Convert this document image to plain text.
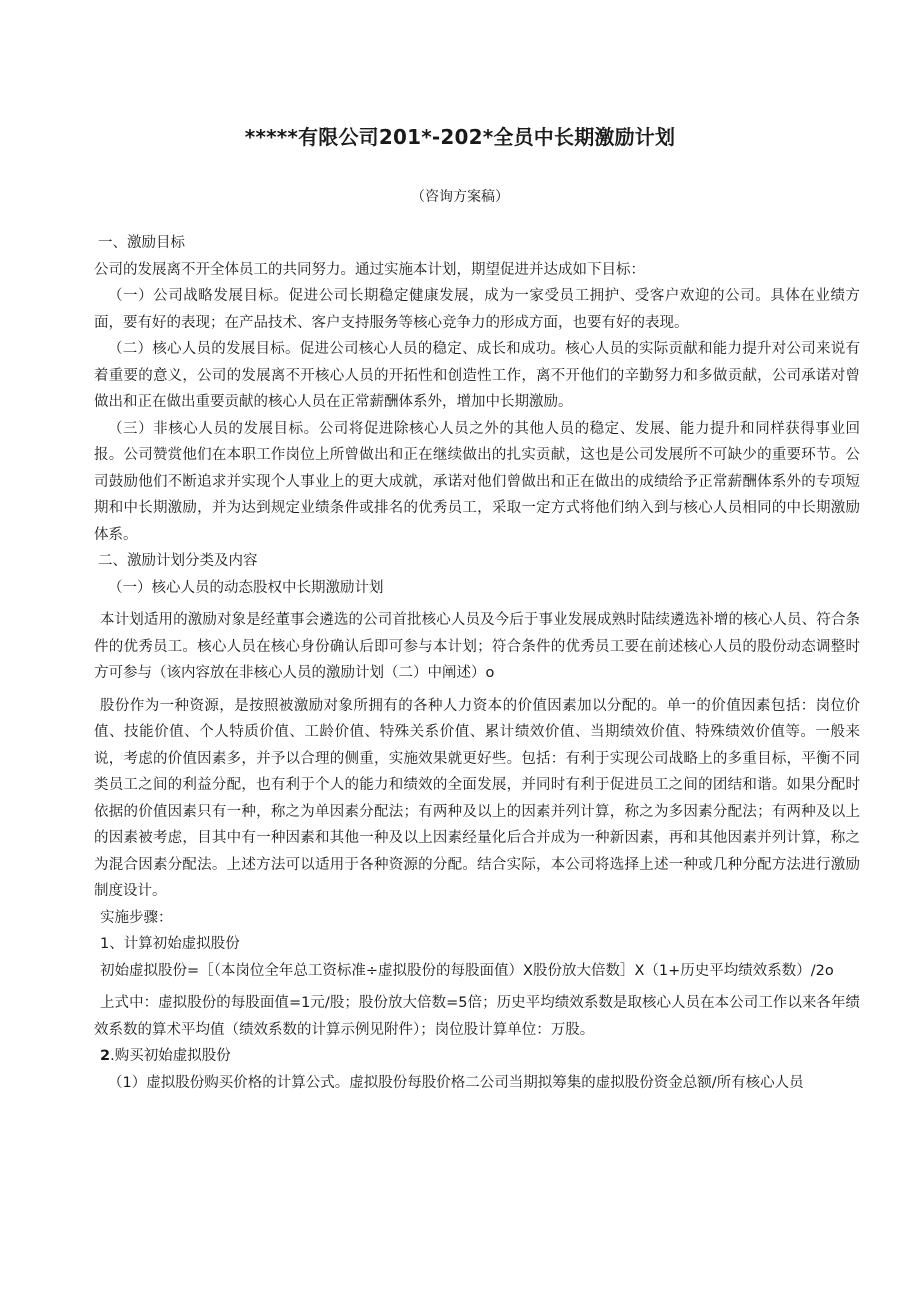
*****有限公司201*-202*全员中长期激励计划
（咨询方案稿）

一、激励目标

公司的发展离不开全体员工的共同努力。通过实施本计划，期望促进并达成如下目标：

（一）公司战略发展目标。促进公司长期稳定健康发展，成为一家受员工拥护、受客户欢迎的公司。具体在业绩方面，要有好的表现；在产品技术、客户支持服务等核心竞争力的形成方面，也要有好的表现。

（二）核心人员的发展目标。促进公司核心人员的稳定、成长和成功。核心人员的实际贡献和能力提升对公司来说有着重要的意义，公司的发展离不开核心人员的开拓性和创造性工作，离不开他们的辛勤努力和多做贡献，公司承诺对曾做出和正在做出重要贡献的核心人员在正常薪酬体系外，增加中长期激励。

（三）非核心人员的发展目标。公司将促进除核心人员之外的其他人员的稳定、发展、能力提升和同样获得事业回报。公司赞赏他们在本职工作岗位上所曾做出和正在继续做出的扎实贡献，这也是公司发展所不可缺少的重要环节。公司鼓励他们不断追求并实现个人事业上的更大成就，承诺对他们曾做出和正在做出的成绩给予正常薪酬体系外的专项短期和中长期激励，并为达到规定业绩条件或排名的优秀员工，采取一定方式将他们纳入到与核心人员相同的中长期激励体系。

二、激励计划分类及内容

（一）核心人员的动态股权中长期激励计划

本计划适用的激励对象是经董事会遴选的公司首批核心人员及今后于事业发展成熟时陆续遴选补增的核心人员、符合条件的优秀员工。核心人员在核心身份确认后即可参与本计划；符合条件的优秀员工要在前述核心人员的股份动态调整时方可参与（该内容放在非核心人员的激励计划（二）中阐述）o

股份作为一种资源，是按照被激励对象所拥有的各种人力资本的价值因素加以分配的。单一的价值因素包括：岗位价值、技能价值、个人特质价值、工龄价值、特殊关系价值、累计绩效价值、当期绩效价值、特殊绩效价值等。一般来说，考虑的价值因素多，并予以合理的侧重，实施效果就更好些。包括：有利于实现公司战略上的多重目标，平衡不同类员工之间的利益分配，也有利于个人的能力和绩效的全面发展，并同时有利于促进员工之间的团结和谐。如果分配时依据的价值因素只有一种，称之为单因素分配法；有两种及以上的因素并列计算，称之为多因素分配法；有两种及以上的因素被考虑，目其中有一种因素和其他一种及以上因素经量化后合并成为一种新因素，再和其他因素并列计算，称之为混合因素分配法。上述方法可以适用于各种资源的分配。结合实际，本公司将选择上述一种或几种分配方法进行激励制度设计。

实施步骤：

1、计算初始虚拟股份

初始虚拟股份=［（本岗位全年总工资标准÷虚拟股份的每股面值）X股份放大倍数］X（1+历史平均绩效系数）/2o

上式中：虚拟股份的每股面值=1元/股；股份放大倍数=5倍；历史平均绩效系数是取核心人员在本公司工作以来各年绩效系数的算术平均值（绩效系数的计算示例见附件）；岗位股计算单位：万股。

2.购买初始虚拟股份

（1）虚拟股份购买价格的计算公式。虚拟股份每股价格二公司当期拟筹集的虚拟股份资金总额/所有核心人员
